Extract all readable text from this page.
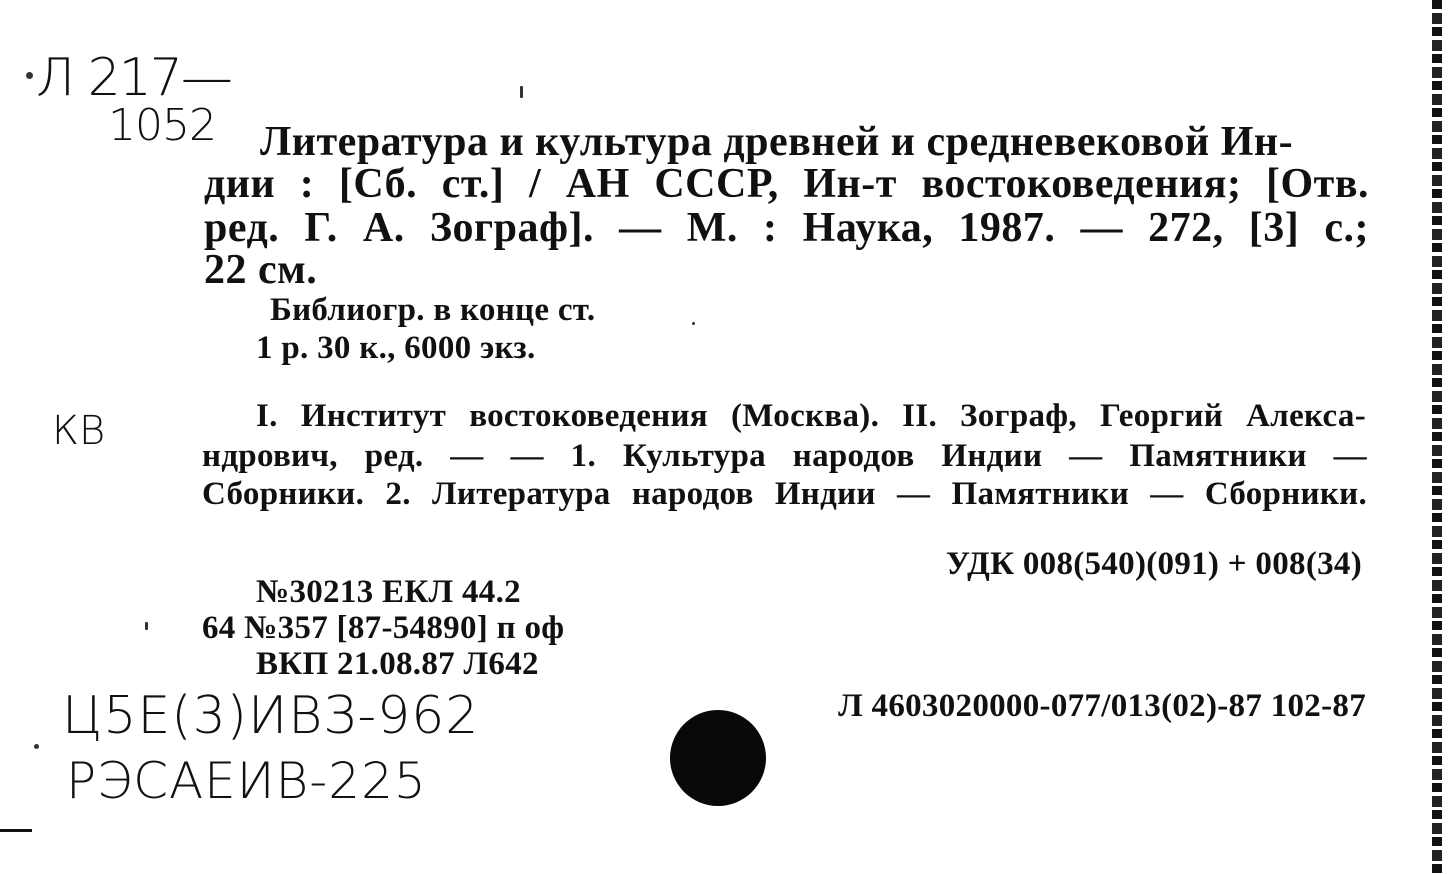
Л 217—
1052
КВ
Ц5Е(3)ИВЗ-962
РЭСАЕИВ-225

Литература и культура древней и средневековой Ин-

дии : [Сб. ст.] / АН СССР, Ин-т востоковедения; [Отв.

ред. Г. А. Зограф]. — М. : Наука, 1987. — 272, [3] с.;

22 см.

Библиогр. в конце ст.

1 р. 30 к., 6000 экз.

I. Институт востоковедения (Москва). II. Зограф, Георгий Алекса-

ндрович, ред. — — 1. Культура народов Индии — Памятники —

Сборники. 2. Литература народов Индии — Памятники — Сборники.

УДК 008(540)(091) + 008(34)

№30213 ЕКЛ 44.2

64 №357 [87-54890] п оф

ВКП 21.08.87 Л642

Л 4603020000-077/013(02)-87 102-87
